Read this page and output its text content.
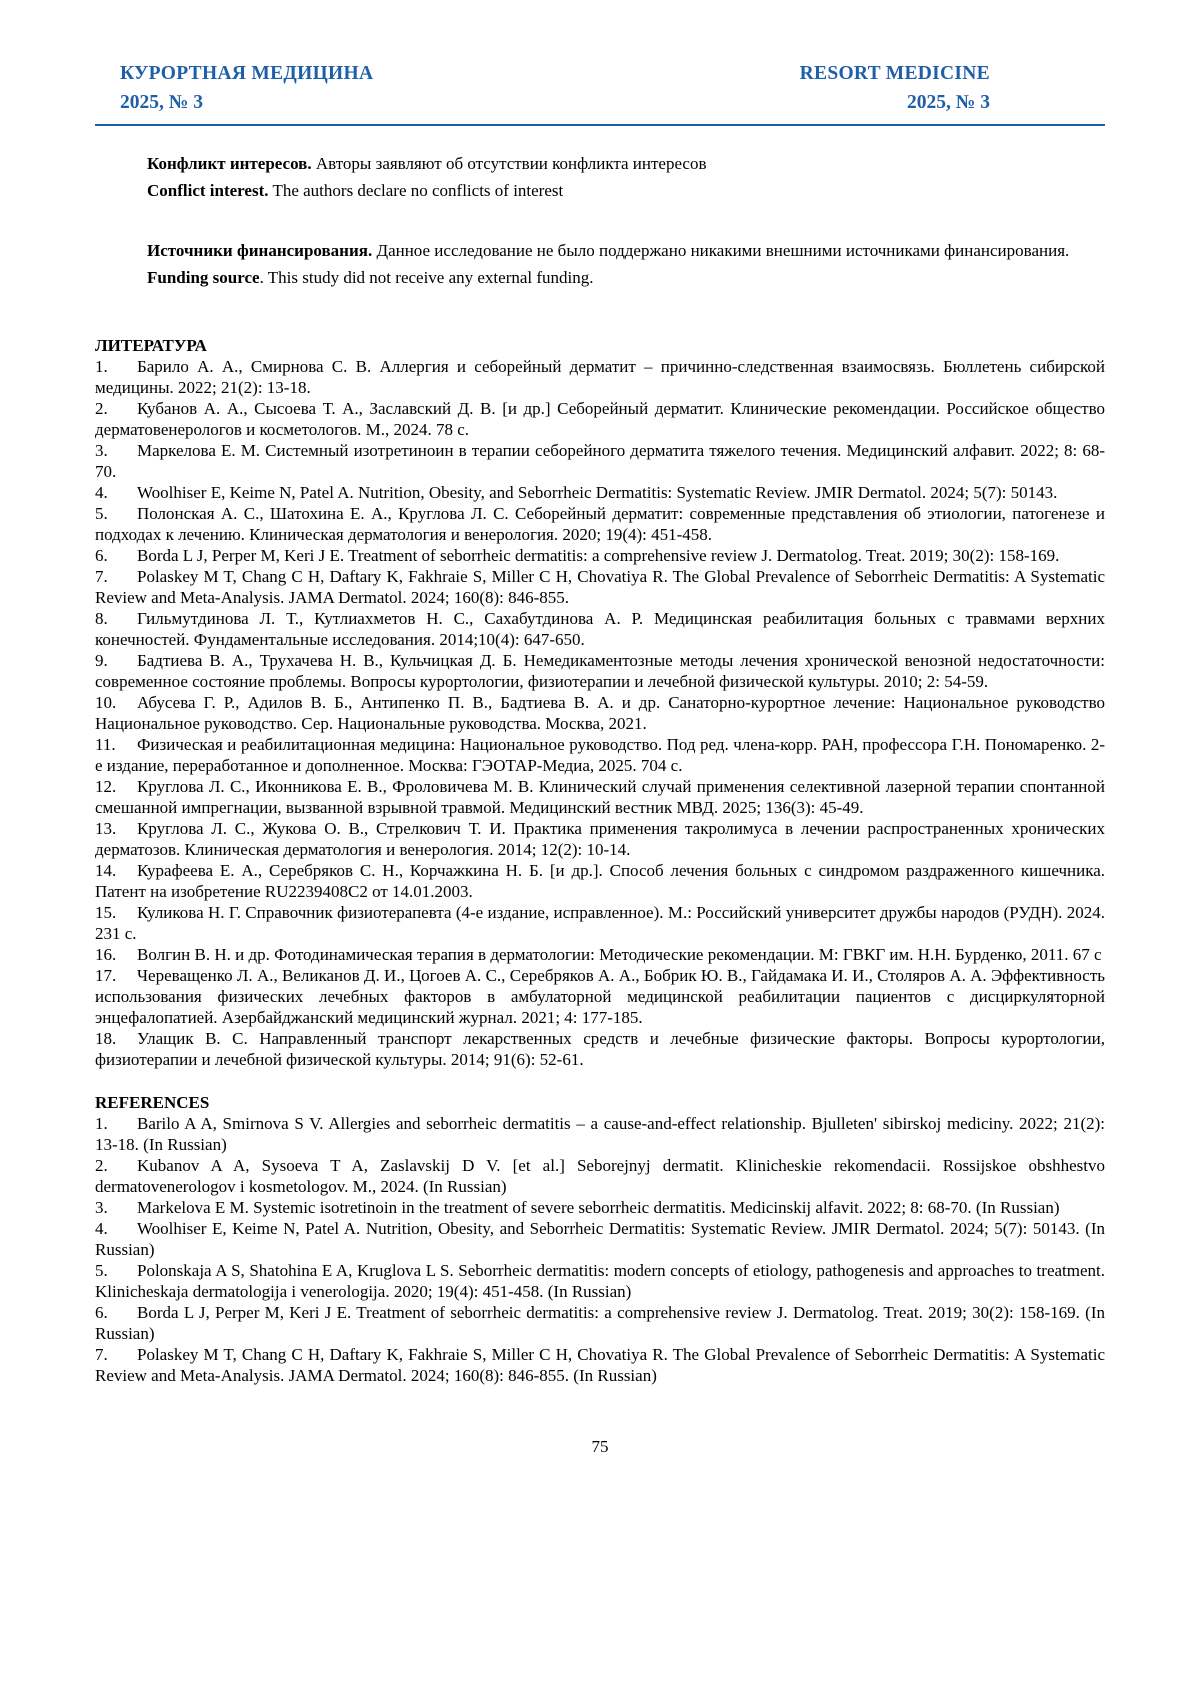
КУРОРТНАЯ МЕДИЦИНА
2025, № 3
RESORT MEDICINE
2025, № 3

Конфликт интересов. Авторы заявляют об отсутствии конфликта интересов

Conflict interest. The authors declare no conflicts of interest

Источники финансирования. Данное исследование не было поддержано никакими внешними источниками финансирования.

Funding source. This study did not receive any external funding.

ЛИТЕРАТУРА

1. Барило А. А., Смирнова С. В. Аллергия и себорейный дерматит – причинно-следственная взаимосвязь. Бюллетень сибирской медицины. 2022; 21(2): 13-18.

2. Кубанов А. А., Сысоева Т. А., Заславский Д. В. [и др.] Себорейный дерматит. Клинические рекомендации. Российское общество дерматовенерологов и косметологов. М., 2024. 78 с.

3. Маркелова Е. М. Системный изотретиноин в терапии себорейного дерматита тяжелого течения. Медицинский алфавит. 2022; 8: 68-70.

4. Woolhiser E, Keime N, Patel A. Nutrition, Obesity, and Seborrheic Dermatitis: Systematic Review. JMIR Dermatol. 2024; 5(7): 50143.

5. Полонская А. С., Шатохина Е. А., Круглова Л. С. Себорейный дерматит: современные представления об этиологии, патогенезе и подходах к лечению. Клиническая дерматология и венерология. 2020; 19(4): 451-458.

6. Borda L J, Perper M, Keri J E. Treatment of seborrheic dermatitis: a comprehensive review J. Dermatolog. Treat. 2019; 30(2): 158-169.

7. Polaskey M T, Chang C H, Daftary K, Fakhraie S, Miller C H, Chovatiya R. The Global Prevalence of Seborrheic Dermatitis: A Systematic Review and Meta-Analysis. JAMA Dermatol. 2024; 160(8): 846-855.

8. Гильмутдинова Л. Т., Кутлиахметов Н. С., Сахабутдинова А. Р. Медицинская реабилитация больных с травмами верхних конечностей. Фундаментальные исследования. 2014;10(4): 647-650.

9. Бадтиева В. А., Трухачева Н. В., Кульчицкая Д. Б. Немедикаментозные методы лечения хронической венозной недостаточности: современное состояние проблемы. Вопросы курортологии, физиотерапии и лечебной физической культуры. 2010; 2: 54-59.

10. Абусева Г. Р., Адилов В. Б., Антипенко П. В., Бадтиева В. А. и др. Санаторно-курортное лечение: Национальное руководство Национальное руководство. Сер. Национальные руководства. Москва, 2021.

11. Физическая и реабилитационная медицина: Национальное руководство. Под ред. члена-корр. РАН, профессора Г.Н. Пономаренко. 2-е издание, переработанное и дополненное. Москва: ГЭОТАР-Медиа, 2025. 704 с.

12. Круглова Л. С., Иконникова Е. В., Фроловичева М. В. Клинический случай применения селективной лазерной терапии спонтанной смешанной импрегнации, вызванной взрывной травмой. Медицинский вестник МВД. 2025; 136(3): 45-49.

13. Круглова Л. С., Жукова О. В., Стрелкович Т. И. Практика применения такролимуса в лечении распространенных хронических дерматозов. Клиническая дерматология и венерология. 2014; 12(2): 10-14.

14. Курафеева Е. А., Серебряков С. Н., Корчажкина Н. Б. [и др.]. Способ лечения больных с синдромом раздраженного кишечника. Патент на изобретение RU2239408C2 от 14.01.2003.

15. Куликова Н. Г. Справочник физиотерапевта (4-е издание, исправленное). М.: Российский университет дружбы народов (РУДН). 2024. 231 с.

16. Волгин В. Н. и др. Фотодинамическая терапия в дерматологии: Методические рекомендации. М: ГВКГ им. Н.Н. Бурденко, 2011. 67 с

17. Череващенко Л. А., Великанов Д. И., Цогоев А. С., Серебряков А. А., Бобрик Ю. В., Гайдамака И. И., Столяров А. А. Эффективность использования физических лечебных факторов в амбулаторной медицинской реабилитации пациентов с дисциркуляторной энцефалопатией. Азербайджанский медицинский журнал. 2021; 4: 177-185.

18. Улащик В. С. Направленный транспорт лекарственных средств и лечебные физические факторы. Вопросы курортологии, физиотерапии и лечебной физической культуры. 2014; 91(6): 52-61.

REFERENCES

1. Barilo A A, Smirnova S V. Allergies and seborrheic dermatitis – a cause-and-effect relationship. Bjulleten' sibirskoj mediciny. 2022; 21(2): 13-18. (In Russian)

2. Kubanov A A, Sysoeva T A, Zaslavskij D V. [et al.] Seborejnyj dermatit. Klinicheskie rekomendacii. Rossijskoe obshhestvo dermatovenerologov i kosmetologov. M., 2024. (In Russian)

3. Markelova E M. Systemic isotretinoin in the treatment of severe seborrheic dermatitis. Medicinskij alfavit. 2022; 8: 68-70. (In Russian)

4. Woolhiser E, Keime N, Patel A. Nutrition, Obesity, and Seborrheic Dermatitis: Systematic Review. JMIR Dermatol. 2024; 5(7): 50143. (In Russian)

5. Polonskaja A S, Shatohina E A, Kruglova L S. Seborrheic dermatitis: modern concepts of etiology, pathogenesis and approaches to treatment. Klinicheskaja dermatologija i venerologija. 2020; 19(4): 451-458. (In Russian)

6. Borda L J, Perper M, Keri J E. Treatment of seborrheic dermatitis: a comprehensive review J. Dermatolog. Treat. 2019; 30(2): 158-169. (In Russian)

7. Polaskey M T, Chang C H, Daftary K, Fakhraie S, Miller C H, Chovatiya R. The Global Prevalence of Seborrheic Dermatitis: A Systematic Review and Meta-Analysis. JAMA Dermatol. 2024; 160(8): 846-855. (In Russian)

75
